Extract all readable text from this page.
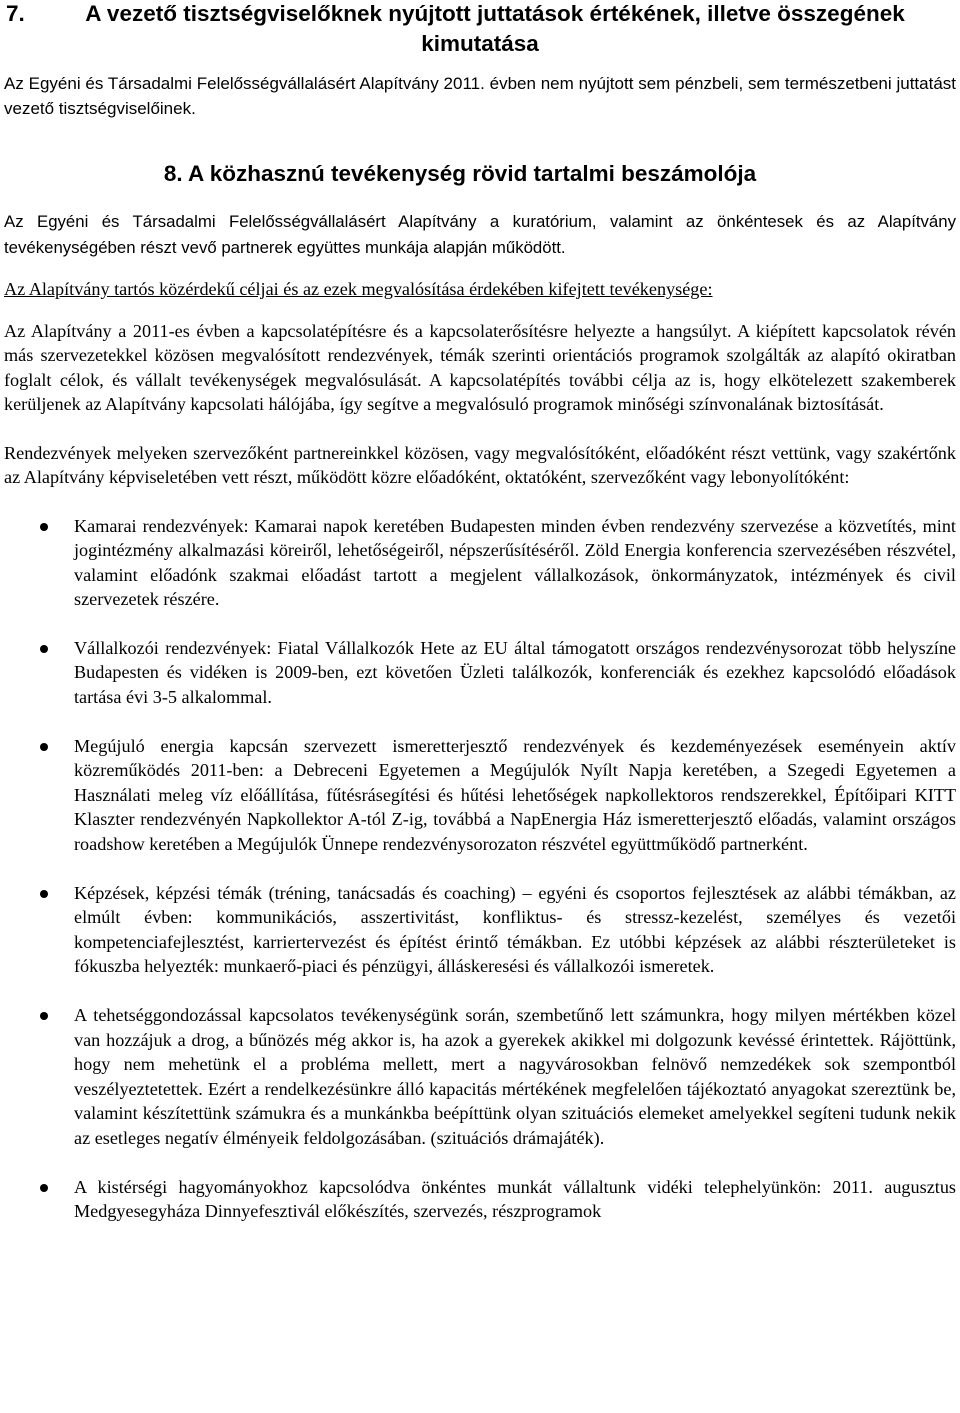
7.	A vezető tisztségviselőknek nyújtott juttatások értékének, illetve összegének
kimutatása

Az Egyéni és Társadalmi Felelősségvállalásért Alapítvány 2011. évben nem nyújtott sem pénzbeli, sem természetbeni juttatást vezető tisztségviselőinek.

8. A közhasznú tevékenység rövid tartalmi beszámolója

Az Egyéni és Társadalmi Felelősségvállalásért Alapítvány a kuratórium, valamint az önkéntesek és az Alapítvány tevékenységében részt vevő partnerek együttes munkája alapján működött.

Az Alapítvány tartós közérdekű céljai és az ezek megvalósítása érdekében kifejtett tevékenysége:

Az Alapítvány a 2011-es évben a kapcsolatépítésre és a kapcsolaterősítésre helyezte a hangsúlyt. A kiépített kapcsolatok révén más szervezetekkel közösen megvalósított rendezvények, témák szerinti orientációs programok szolgálták az alapító okiratban foglalt célok, és vállalt tevékenységek megvalósulását. A kapcsolatépítés további célja az is, hogy elkötelezett szakemberek kerüljenek az Alapítvány kapcsolati hálójába, így segítve a megvalósuló programok minőségi színvonalának biztosítását.

Rendezvények melyeken szervezőként partnereinkkel közösen, vagy megvalósítóként, előadóként részt vettünk, vagy szakértőnk az Alapítvány képviseletében vett részt, működött közre előadóként, oktatóként, szervezőként vagy lebonyolítóként:

Kamarai rendezvények: Kamarai napok keretében Budapesten minden évben rendezvény szervezése a közvetítés, mint jogintézmény alkalmazási köreiről, lehetőségeiről, népszerűsítéséről. Zöld Energia konferencia szervezésében részvétel, valamint előadónk szakmai előadást tartott a megjelent vállalkozások, önkormányzatok, intézmények és civil szervezetek részére.
Vállalkozói rendezvények: Fiatal Vállalkozók Hete az EU által támogatott országos rendezvénysorozat több helyszíne Budapesten és vidéken is 2009-ben, ezt követően Üzleti találkozók, konferenciák és ezekhez kapcsolódó előadások tartása évi 3-5 alkalommal.
Megújuló energia kapcsán szervezett ismeretterjesztő rendezvények és kezdeményezések eseményein aktív közreműködés 2011-ben: a Debreceni Egyetemen a Megújulók Nyílt Napja keretében, a Szegedi Egyetemen a Használati meleg víz előállítása, fűtésrásegítési és hűtési lehetőségek napkollektoros rendszerekkel, Építőipari KITT Klaszter rendezvényén Napkollektor A-tól Z-ig, továbbá a NapEnergia Ház ismeretterjesztő előadás, valamint országos roadshow keretében a Megújulók Ünnepe rendezvénysorozaton részvétel együttműködő partnerként.
Képzések, képzési témák (tréning, tanácsadás és coaching) – egyéni és csoportos fejlesztések az alábbi témákban, az elmúlt évben: kommunikációs, asszertivitást, konfliktus- és stressz-kezelést, személyes és vezetői kompetenciafejlesztést, karriertervezést és építést érintő témákban. Ez utóbbi képzések az alábbi részterületeket is fókuszba helyezték: munkaerő-piaci és pénzügyi, álláskeresési és vállalkozói ismeretek.
A tehetséggondozással kapcsolatos tevékenységünk során, szembetűnő lett számunkra, hogy milyen mértékben közel van hozzájuk a drog, a bűnözés még akkor is, ha azok a gyerekek akikkel mi dolgozunk kevéssé érintettek. Rájöttünk, hogy nem mehetünk el a probléma mellett, mert a nagyvárosokban felnövő nemzedékek sok szempontból veszélyeztetettek. Ezért a rendelkezésünkre álló kapacitás mértékének megfelelően tájékoztató anyagokat szereztünk be, valamint készítettünk számukra és a munkánkba beépíttünk olyan szituációs elemeket amelyekkel segíteni tudunk nekik az esetleges negatív élményeik feldolgozásában. (szituációs drámajáték).
A kistérségi hagyományokhoz kapcsolódva önkéntes munkát vállaltunk vidéki telephelyünkön: 2011. augusztus Medgyesegyháza Dinnyefesztivál előkészítés, szervezés, részprogramok
